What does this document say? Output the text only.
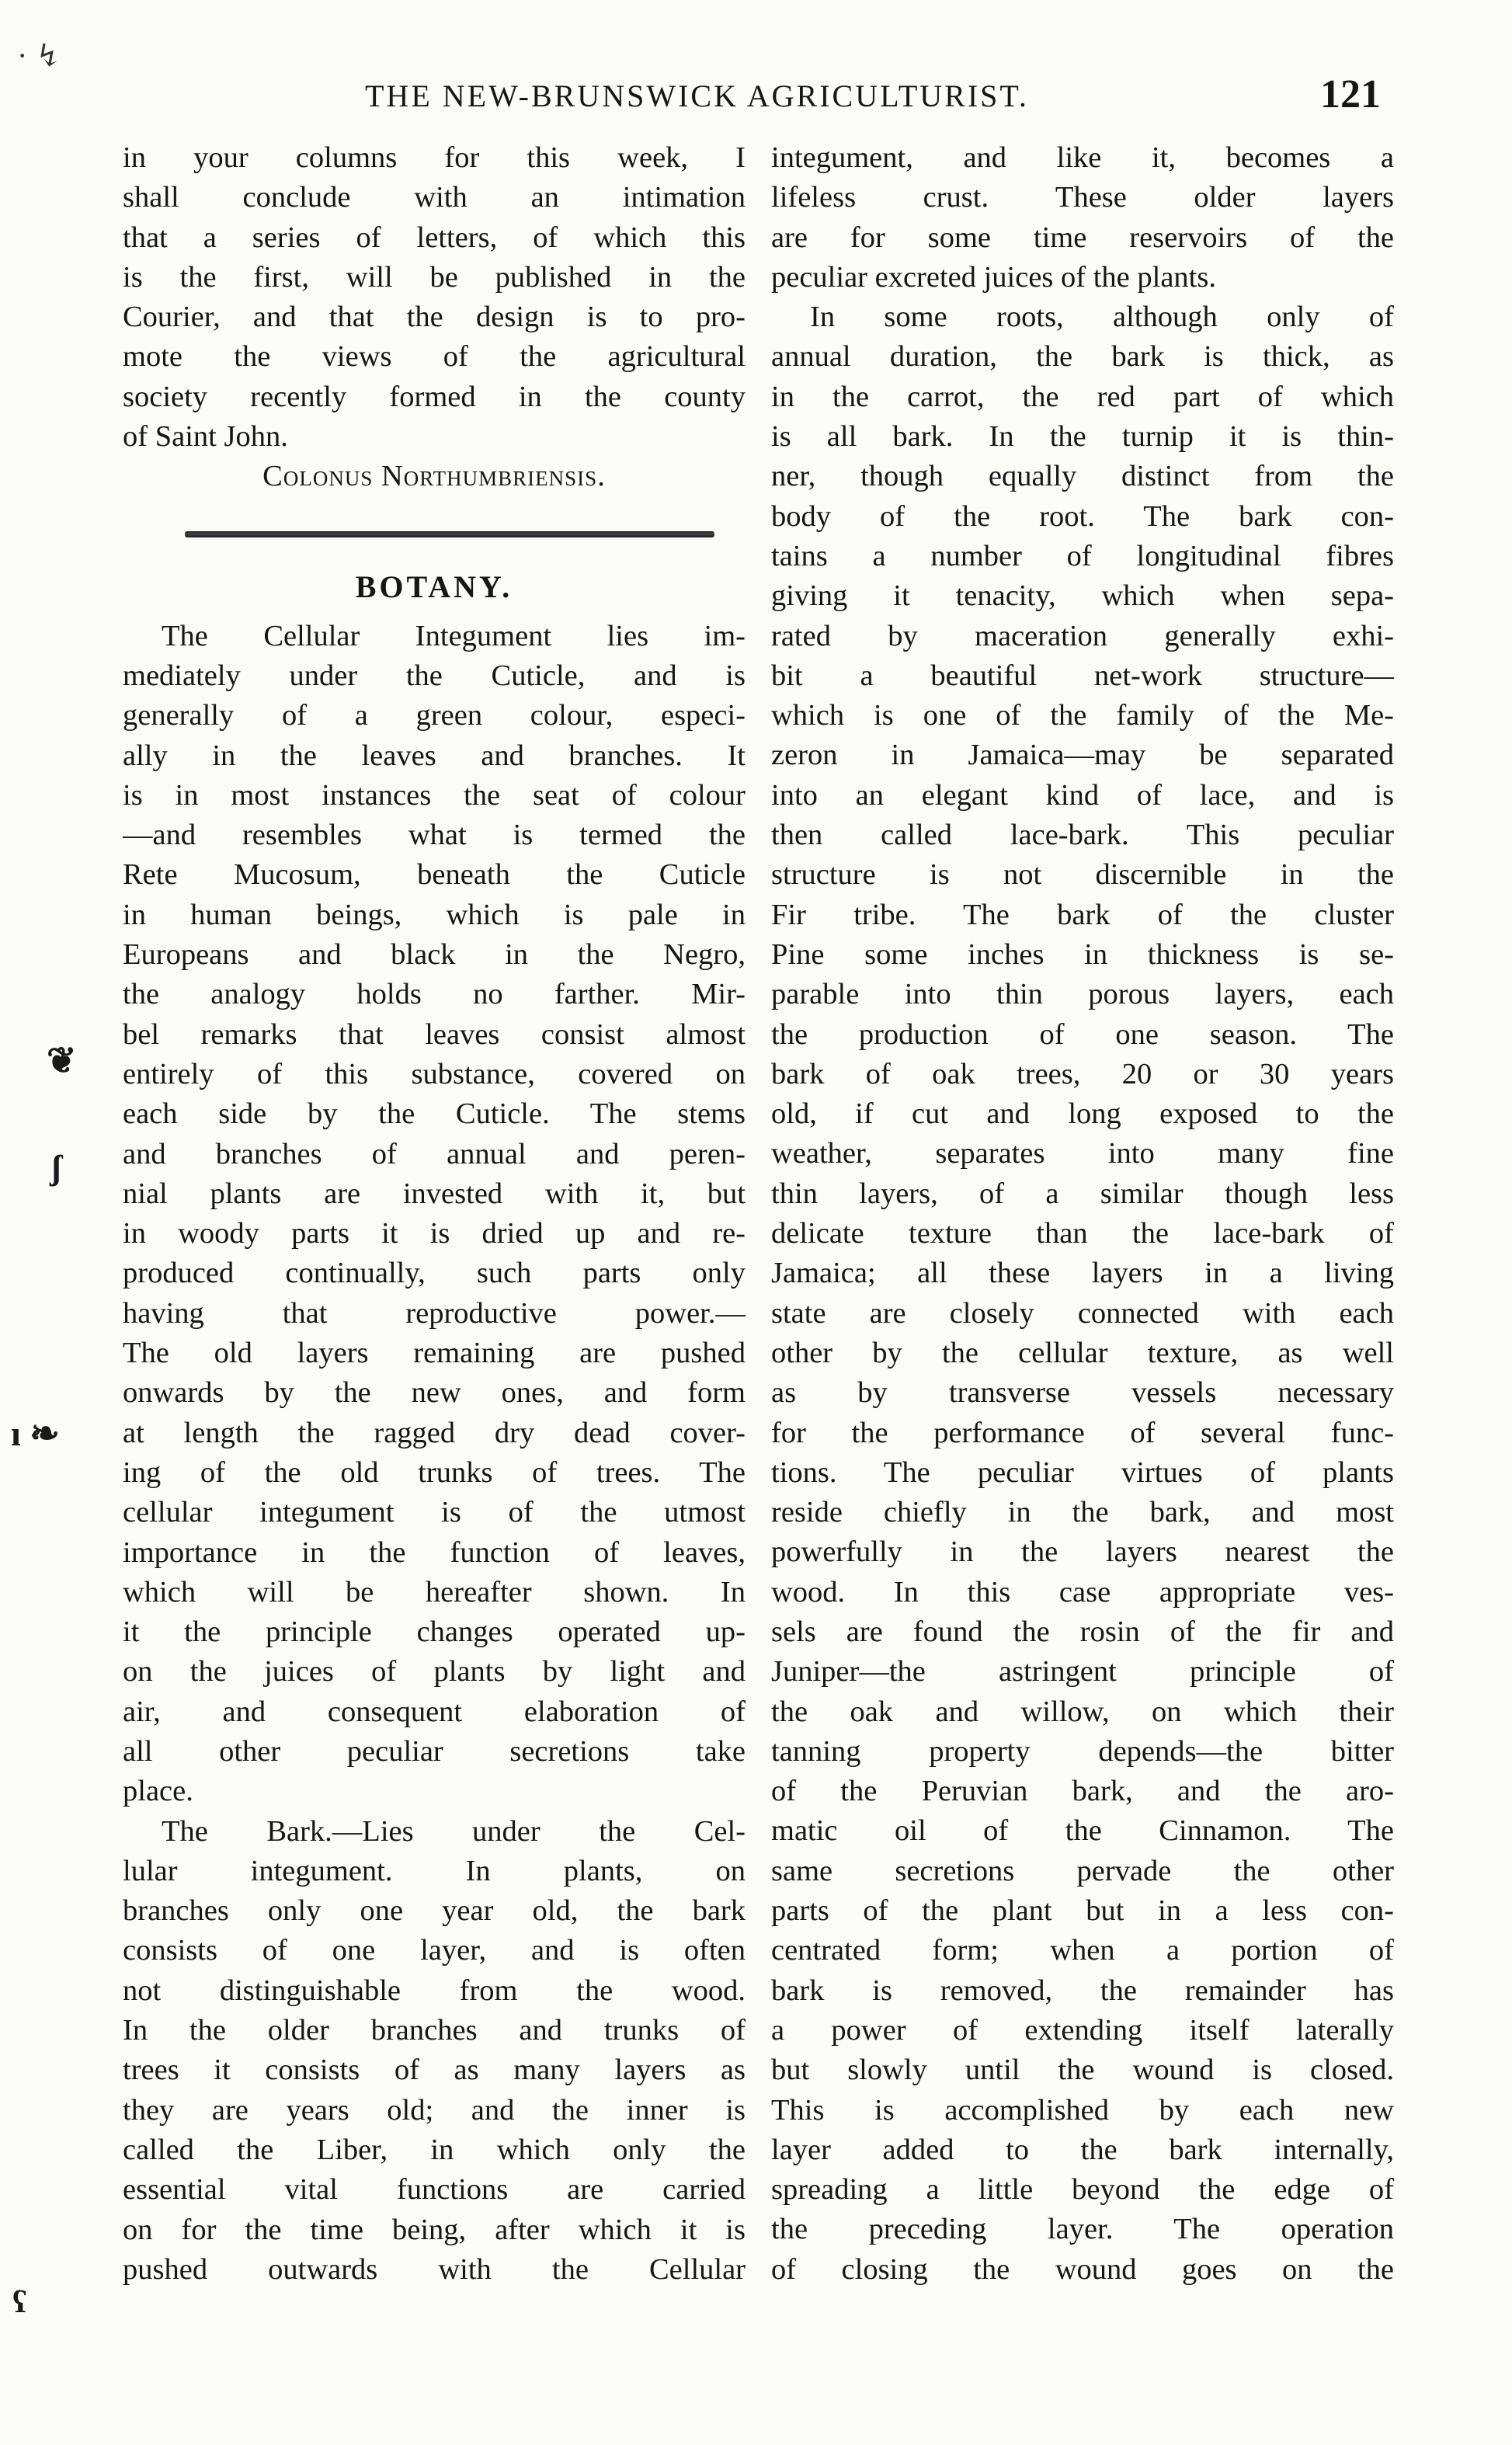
· ↯
THE NEW-BRUNSWICK AGRICULTURIST.	121
❦
ʃ
ı ❧
ʕ
in your columns for this week, I
shall conclude with an intimation
that a series of letters, of which this
is the first, will be published in the
Courier, and that the design is to pro-
mote the views of the agricultural
society recently formed in the county
of Saint John.
Colonus Northumbriensis.
BOTANY.
The Cellular Integument lies im-
mediately under the Cuticle, and is
generally of a green colour, especi-
ally in the leaves and branches. It
is in most instances the seat of colour
—and resembles what is termed the
Rete Mucosum, beneath the Cuticle
in human beings, which is pale in
Europeans and black in the Negro,
the analogy holds no farther. Mir-
bel remarks that leaves consist almost
entirely of this substance, covered on
each side by the Cuticle. The stems
and branches of annual and peren-
nial plants are invested with it, but
in woody parts it is dried up and re-
produced continually, such parts only
having that reproductive power.—
The old layers remaining are pushed
onwards by the new ones, and form
at length the ragged dry dead cover-
ing of the old trunks of trees. The
cellular integument is of the utmost
importance in the function of leaves,
which will be hereafter shown. In
it the principle changes operated up-
on the juices of plants by light and
air, and consequent elaboration of
all other peculiar secretions take
place.
The Bark.—Lies under the Cel-
lular integument. In plants, on
branches only one year old, the bark
consists of one layer, and is often
not distinguishable from the wood.
In the older branches and trunks of
trees it consists of as many layers as
they are years old; and the inner is
called the Liber, in which only the
essential vital functions are carried
on for the time being, after which it is
pushed outwards with the Cellular
integument, and like it, becomes a
lifeless crust. These older layers
are for some time reservoirs of the
peculiar excreted juices of the plants.
In some roots, although only of
annual duration, the bark is thick, as
in the carrot, the red part of which
is all bark. In the turnip it is thin-
ner, though equally distinct from the
body of the root. The bark con-
tains a number of longitudinal fibres
giving it tenacity, which when sepa-
rated by maceration generally exhi-
bit a beautiful net-work structure—
which is one of the family of the Me-
zeron in Jamaica—may be separated
into an elegant kind of lace, and is
then called lace-bark. This peculiar
structure is not discernible in the
Fir tribe. The bark of the cluster
Pine some inches in thickness is se-
parable into thin porous layers, each
the production of one season. The
bark of oak trees, 20 or 30 years
old, if cut and long exposed to the
weather, separates into many fine
thin layers, of a similar though less
delicate texture than the lace-bark of
Jamaica; all these layers in a living
state are closely connected with each
other by the cellular texture, as well
as by transverse vessels necessary
for the performance of several func-
tions. The peculiar virtues of plants
reside chiefly in the bark, and most
powerfully in the layers nearest the
wood. In this case appropriate ves-
sels are found the rosin of the fir and
Juniper—the astringent principle of
the oak and willow, on which their
tanning property depends—the bitter
of the Peruvian bark, and the aro-
matic oil of the Cinnamon. The
same secretions pervade the other
parts of the plant but in a less con-
centrated form; when a portion of
bark is removed, the remainder has
a power of extending itself laterally
but slowly until the wound is closed.
This is accomplished by each new
layer added to the bark internally,
spreading a little beyond the edge of
the preceding layer. The operation
of closing the wound goes on the
